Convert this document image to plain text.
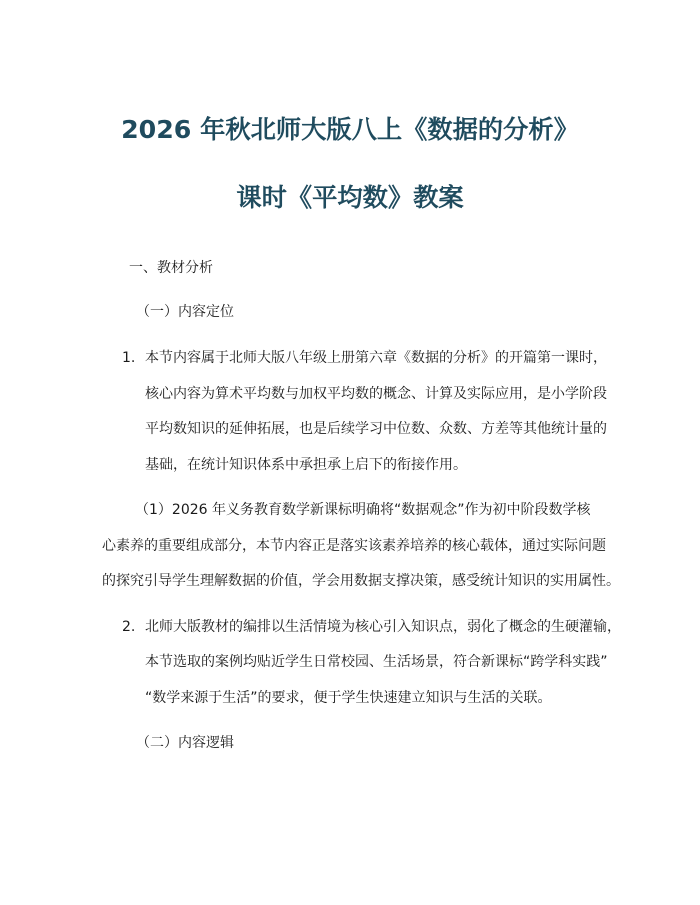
2026 年秋北师大版八上《数据的分析》
课时《平均数》教案
一、教材分析
（一）内容定位
1. 本节内容属于北师大版八年级上册第六章《数据的分析》的开篇第一课时，
核心内容为算术平均数与加权平均数的概念、计算及实际应用，是小学阶段
平均数知识的延伸拓展，也是后续学习中位数、众数、方差等其他统计量的
基础，在统计知识体系中承担承上启下的衔接作用。
（1）2026 年义务教育数学新课标明确将“数据观念”作为初中阶段数学核
心素养的重要组成部分，本节内容正是落实该素养培养的核心载体，通过实际问题
的探究引导学生理解数据的价值，学会用数据支撑决策，感受统计知识的实用属性。
2. 北师大版教材的编排以生活情境为核心引入知识点，弱化了概念的生硬灌输，
本节选取的案例均贴近学生日常校园、生活场景，符合新课标“跨学科实践”
“数学来源于生活”的要求，便于学生快速建立知识与生活的关联。
（二）内容逻辑
